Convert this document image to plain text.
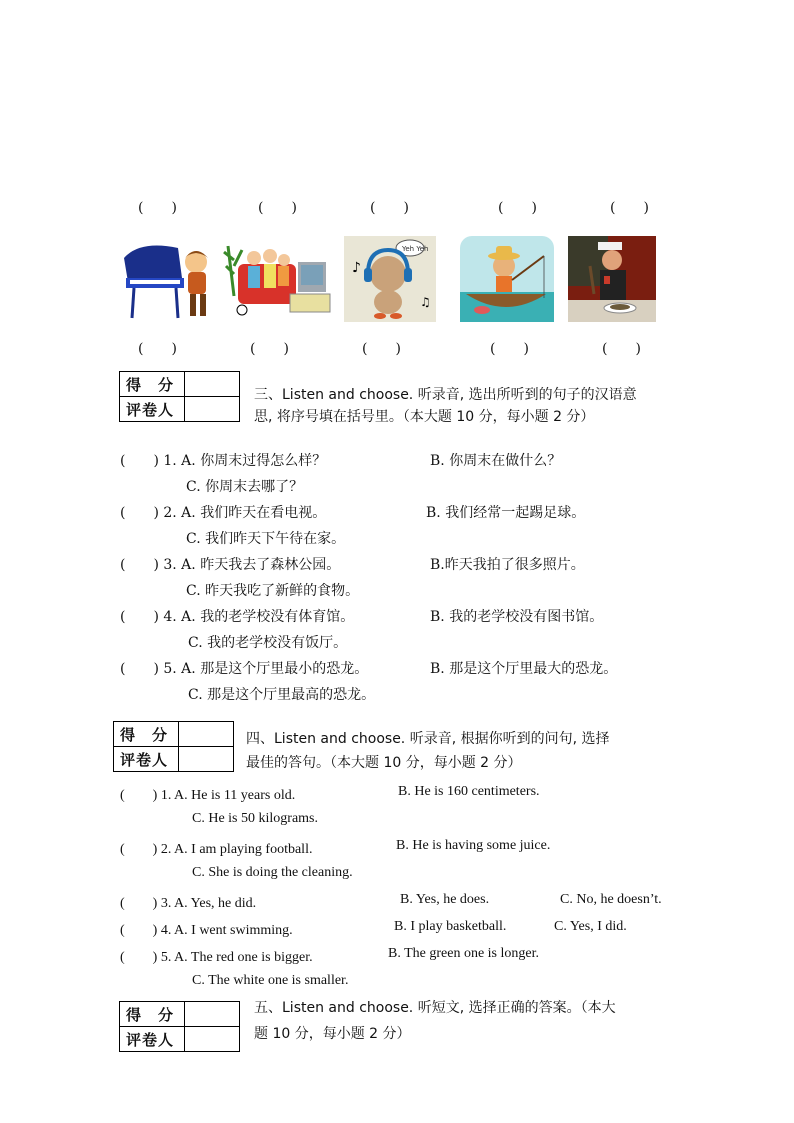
(　　)	(　　)	(　　)	(　　)	(　　)
Yeh Yeh
♪
♫
(　　)	(　　)	(　　)	(　　)	(　　)
得　分	
评卷人	
三、Listen and choose. 听录音, 选出所听到的句子的汉语意
思, 将序号填在括号里。（本大题 10 分，每小题 2 分）
(　　) 1. A. 你周末过得怎么样？	B. 你周末在做什么？
C. 你周末去哪了？
(　　) 2. A. 我们昨天在看电视。	B. 我们经常一起踢足球。
C. 我们昨天下午待在家。
(　　) 3. A. 昨天我去了森林公园。	B.昨天我拍了很多照片。
C. 昨天我吃了新鲜的食物。
(　　) 4. A. 我的老学校没有体育馆。	B. 我的老学校没有图书馆。
C. 我的老学校没有饭厅。
(　　) 5. A. 那是这个厅里最小的恐龙。	B. 那是这个厅里最大的恐龙。
C. 那是这个厅里最高的恐龙。
得　分	
评卷人	
四、Listen and choose. 听录音, 根据你听到的问句, 选择
最佳的答句。（本大题 10 分，每小题 2 分）
(　　) 1. A. He is 11 years old.	B. He is 160 centimeters.
C. He is 50 kilograms.
(　　) 2. A. I am playing football.	B. He is having some juice.
C. She is doing the cleaning.
(　　) 3. A. Yes, he did.	B. Yes, he does.	C. No, he doesn’t.
(　　) 4. A. I went swimming.	B. I play basketball.	C. Yes, I did.
(　　) 5. A. The red one is bigger.	B. The green one is longer.
C. The white one is smaller.
得　分	
评卷人	
五、Listen and choose. 听短文, 选择正确的答案。（本大
题 10 分，每小题 2 分）
